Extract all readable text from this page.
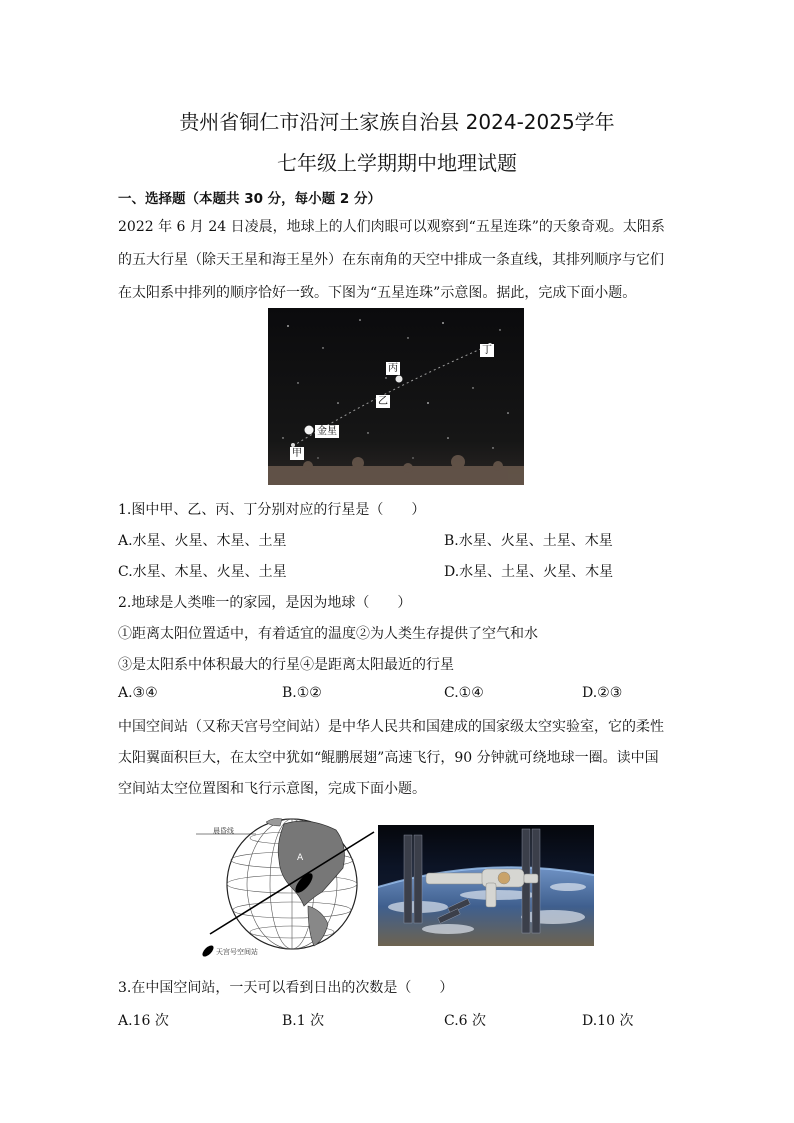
贵州省铜仁市沿河土家族自治县 2024-2025学年
七年级上学期期中地理试题
一、选择题（本题共 30 分，每小题 2 分）
2022 年 6 月 24 日凌晨，地球上的人们肉眼可以观察到“五星连珠”的天象奇观。太阳系
的五大行星（除天王星和海王星外）在东南角的天空中排成一条直线，其排列顺序与它们
在太阳系中排列的顺序恰好一致。下图为“五星连珠”示意图。据此，完成下面小题。
甲
金星
乙
丙
丁
1.图中甲、乙、丙、丁分别对应的行星是（　　）
A.水星、火星、木星、土星	B.水星、火星、土星、木星
C.水星、木星、火星、土星	D.水星、土星、火星、木星
2.地球是人类唯一的家园，是因为地球（　　）
①距离太阳位置适中，有着适宜的温度②为人类生存提供了空气和水
③是太阳系中体积最大的行星④是距离太阳最近的行星
A.③④	B.①②	C.①④	D.②③
中国空间站（又称天宫号空间站）是中华人民共和国建成的国家级太空实验室，它的柔性
太阳翼面积巨大，在太空中犹如“鲲鹏展翅”高速飞行，90 分钟就可绕地球一圈。读中国
空间站太空位置图和飞行示意图，完成下面小题。
晨昏线
A
天宫号空间站
3.在中国空间站，一天可以看到日出的次数是（　　）
A.16 次	B.1 次	C.6 次	D.10 次
